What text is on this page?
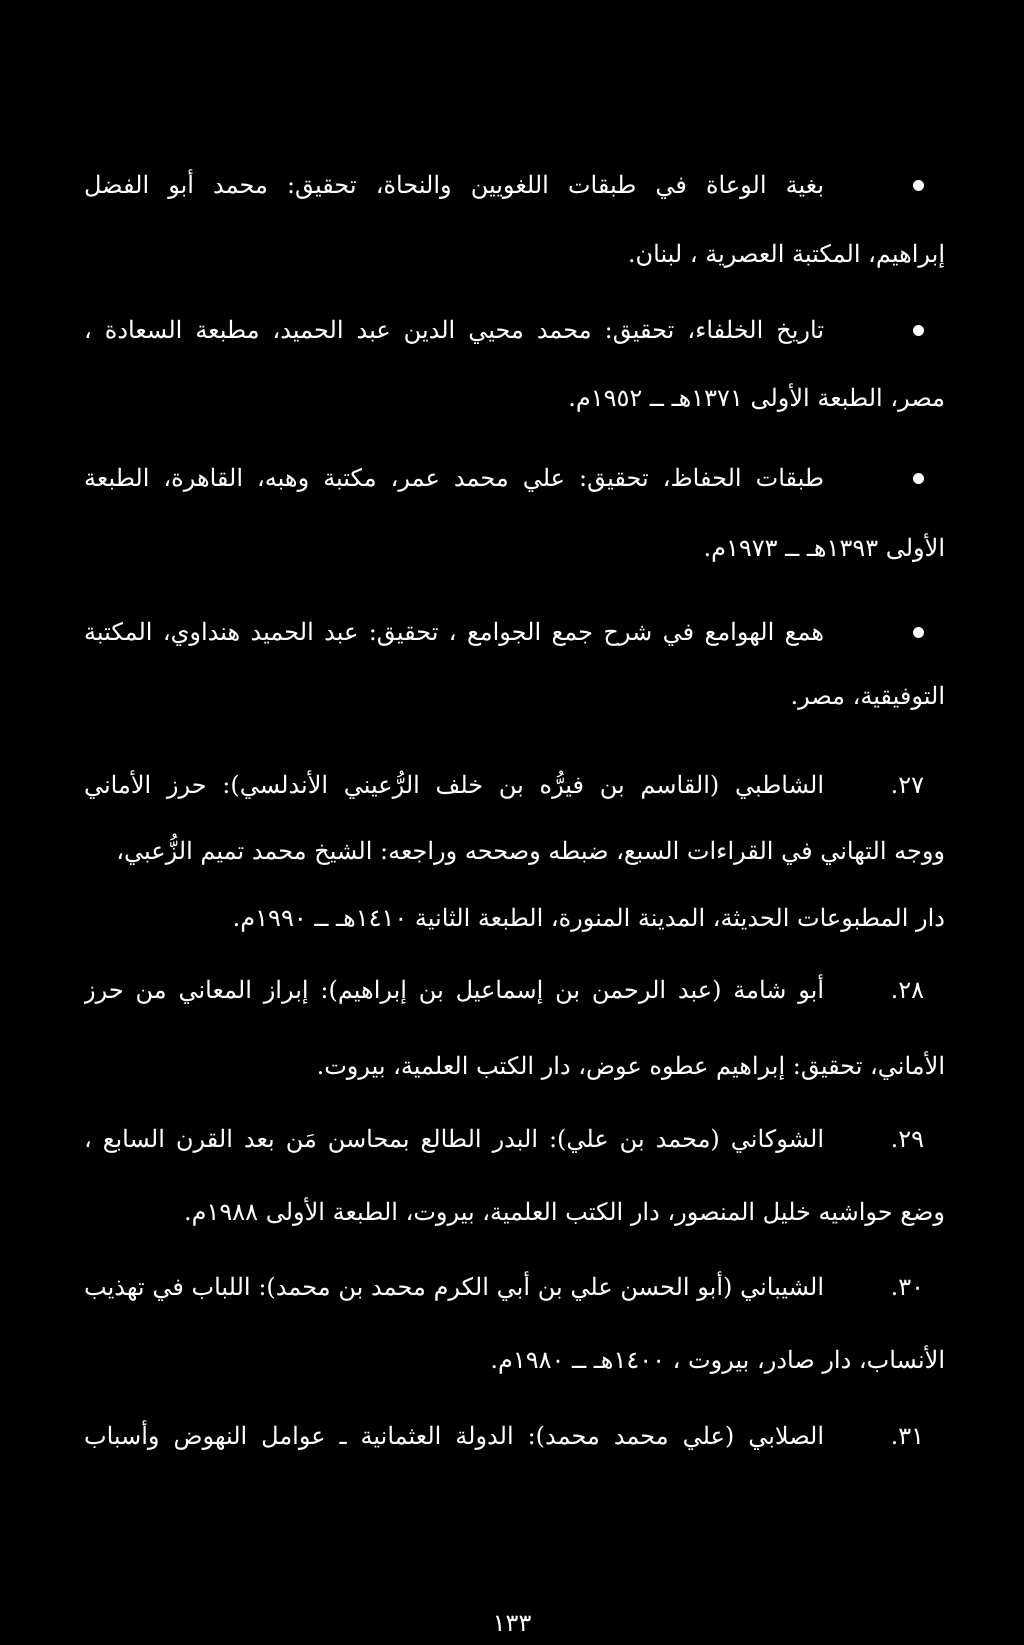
بغية الوعاة في طبقات اللغويين والنحاة، تحقيق: محمد أبو الفضل
إبراهيم، المكتبة العصرية ، لبنان.
تاريخ الخلفاء، تحقيق: محمد محيي الدين عبد الحميد، مطبعة السعادة ،
مصر، الطبعة الأولى ١٣٧١هـ ــ ١٩٥٢م.
طبقات الحفاظ، تحقيق: علي محمد عمر، مكتبة وهبه، القاهرة، الطبعة
الأولى ١٣٩٣هـ ــ ١٩٧٣م.
همع الهوامع في شرح جمع الجوامع ، تحقيق: عبد الحميد هنداوي، المكتبة
التوفيقية، مصر.
٢٧.
الشاطبي (القاسم بن فيرُّه بن خلف الرُّعيني الأندلسي): حرز الأماني
ووجه التهاني في القراءات السبع، ضبطه وصححه وراجعه: الشيخ محمد تميم الزُّعبي،
دار المطبوعات الحديثة، المدينة المنورة، الطبعة الثانية ١٤١٠هـ ــ ١٩٩٠م.
٢٨.
أبو شامة (عبد الرحمن بن إسماعيل بن إبراهيم): إبراز المعاني من حرز
الأماني، تحقيق: إبراهيم عطوه عوض، دار الكتب العلمية، بيروت.
٢٩.
الشوكاني (محمد بن علي): البدر الطالع بمحاسن مَن بعد القرن السابع ،
وضع حواشيه خليل المنصور، دار الكتب العلمية، بيروت، الطبعة الأولى ١٩٨٨م.
٣٠.
الشيباني (أبو الحسن علي بن أبي الكرم محمد بن محمد): اللباب في تهذيب
الأنساب، دار صادر، بيروت ، ١٤٠٠هـ ــ ١٩٨٠م.
٣١.
الصلابي (علي محمد محمد): الدولة العثمانية ـ عوامل النهوض وأسباب
١٣٣
